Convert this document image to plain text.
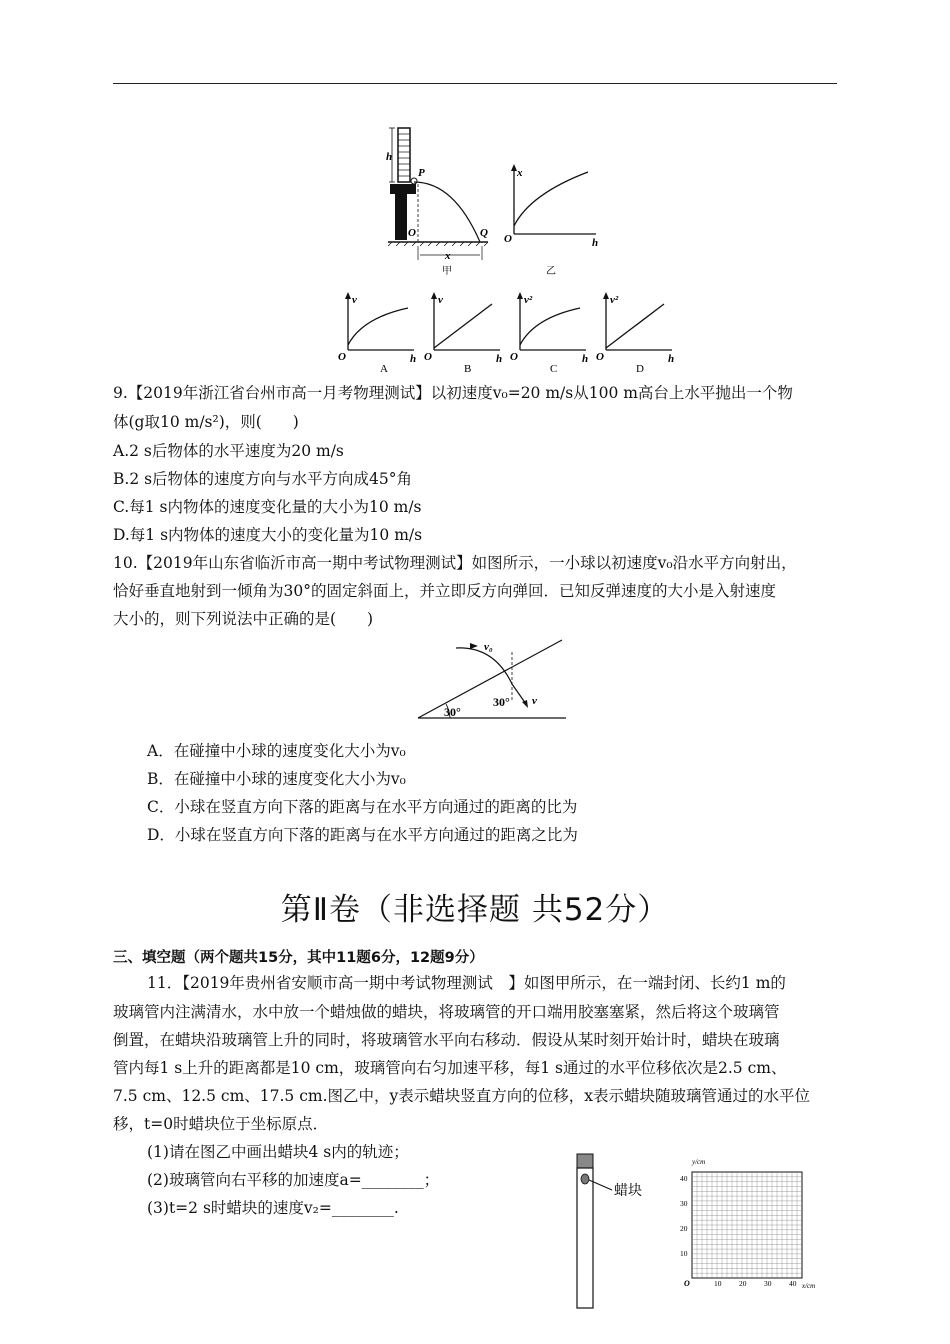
h
P
O	Q
x
甲
x
O	h
乙
v
O	h
A
v
O	h
B
v²
O	h
C
v²
O	h
D
9.【2019年浙江省台州市高一月考物理测试】以初速度v₀=20 m/s从100 m高台上水平抛出一个物
体(g取10 m/s²)，则(　　)
A.2 s后物体的水平速度为20 m/s
B.2 s后物体的速度方向与水平方向成45°角
C.每1 s内物体的速度变化量的大小为10 m/s
D.每1 s内物体的速度大小的变化量为10 m/s
10.【2019年山东省临沂市高一期中考试物理测试】如图所示，一小球以初速度v₀沿水平方向射出，
恰好垂直地射到一倾角为30°的固定斜面上，并立即反方向弹回．已知反弹速度的大小是入射速度
大小的，则下列说法中正确的是(　　)
30°
v₀
30° v
A．在碰撞中小球的速度变化大小为v₀
B．在碰撞中小球的速度变化大小为v₀
C．小球在竖直方向下落的距离与在水平方向通过的距离的比为
D．小球在竖直方向下落的距离与在水平方向通过的距离之比为
第Ⅱ卷（非选择题 共52分）
三、填空题（两个题共15分，其中11题6分，12题9分）
11．【2019年贵州省安顺市高一期中考试物理测试　】如图甲所示，在一端封闭、长约1 m的
玻璃管内注满清水，水中放一个蜡烛做的蜡块，将玻璃管的开口端用胶塞塞紧，然后将这个玻璃管
倒置，在蜡块沿玻璃管上升的同时，将玻璃管水平向右移动．假设从某时刻开始计时，蜡块在玻璃
管内每1 s上升的距离都是10 cm，玻璃管向右匀加速平移，每1 s通过的水平位移依次是2.5 cm、
7.5 cm、12.5 cm、17.5 cm.图乙中，y表示蜡块竖直方向的位移，x表示蜡块随玻璃管通过的水平位
移，t=0时蜡块位于坐标原点．
(1)请在图乙中画出蜡块4 s内的轨迹；
(2)玻璃管向右平移的加速度a=________；
(3)t=2 s时蜡块的速度v₂=________.
蜡块
y/cm
x/cm
O
10
20
30
40
10 20 30 40
